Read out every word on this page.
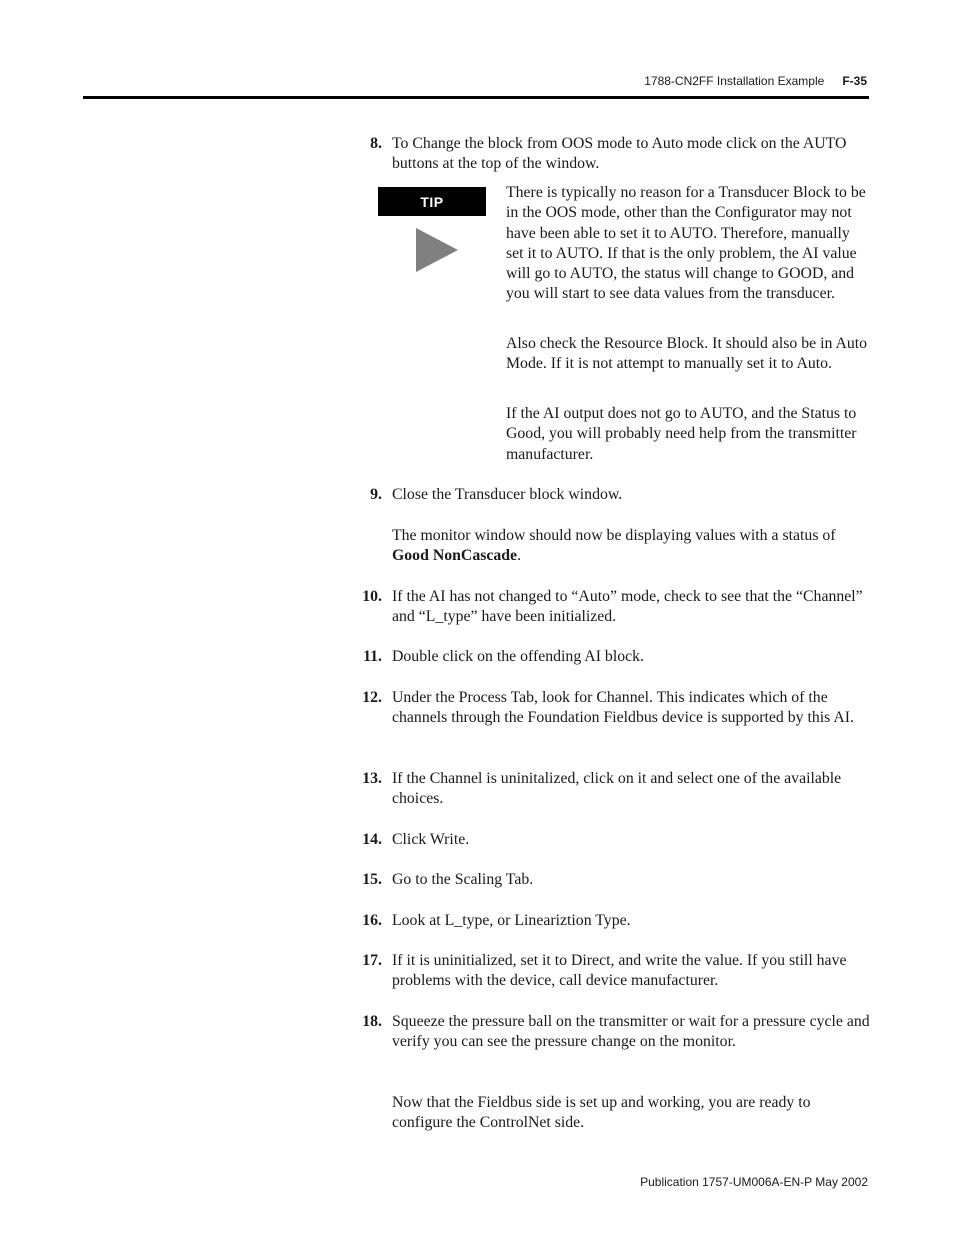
1788-CN2FF Installation Example F-35
8. To Change the block from OOS mode to Auto mode click on the AUTO buttons at the top of the window.
TIP
There is typically no reason for a Transducer Block to be in the OOS mode, other than the Configurator may not have been able to set it to AUTO. Therefore, manually set it to AUTO. If that is the only problem, the AI value will go to AUTO, the status will change to GOOD, and you will start to see data values from the transducer.
Also check the Resource Block. It should also be in Auto Mode. If it is not attempt to manually set it to Auto.
If the AI output does not go to AUTO, and the Status to Good, you will probably need help from the transmitter manufacturer.
9. Close the Transducer block window.
The monitor window should now be displaying values with a status of Good NonCascade.
10. If the AI has not changed to “Auto” mode, check to see that the “Channel” and “L_type” have been initialized.
11. Double click on the offending AI block.
12. Under the Process Tab, look for Channel. This indicates which of the channels through the Foundation Fieldbus device is supported by this AI.
13. If the Channel is uninitalized, click on it and select one of the available choices.
14. Click Write.
15. Go to the Scaling Tab.
16. Look at L_type, or Lineariztion Type.
17. If it is uninitialized, set it to Direct, and write the value. If you still have problems with the device, call device manufacturer.
18. Squeeze the pressure ball on the transmitter or wait for a pressure cycle and verify you can see the pressure change on the monitor.
Now that the Fieldbus side is set up and working, you are ready to configure the ControlNet side.
Publication 1757-UM006A-EN-P May 2002
